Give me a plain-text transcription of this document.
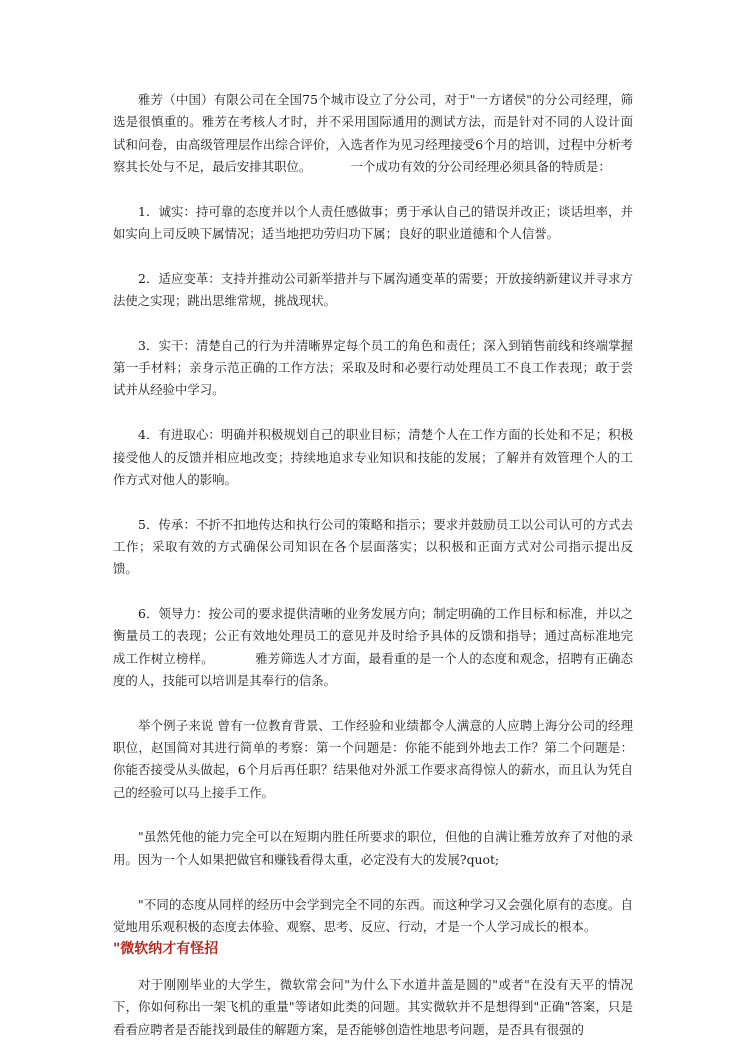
雅芳（中国）有限公司在全国75个城市设立了分公司，对于"一方诸侯"的分公司经理，筛选是很慎重的。雅芳在考核人才时，并不采用国际通用的测试方法，而是针对不同的人设计面试和问卷，由高级管理层作出综合评价，入选者作为见习经理接受6个月的培训，过程中分析考察其长处与不足，最后安排其职位。          一个成功有效的分公司经理必须具备的特质是：

1．诚实：持可靠的态度并以个人责任感做事；勇于承认自己的错误并改正；谈话坦率，并如实向上司反映下属情况；适当地把功劳归功下属；良好的职业道德和个人信誉。

2．适应变革：支持并推动公司新举措并与下属沟通变革的需要；开放接纳新建议并寻求方法使之实现；跳出思维常规，挑战现状。

3．实干：清楚自己的行为并清晰界定每个员工的角色和责任；深入到销售前线和终端掌握第一手材料；亲身示范正确的工作方法；采取及时和必要行动处理员工不良工作表现；敢于尝试并从经验中学习。

4．有进取心：明确并积极规划自己的职业目标；清楚个人在工作方面的长处和不足；积极接受他人的反馈并相应地改变；持续地追求专业知识和技能的发展；了解并有效管理个人的工作方式对他人的影响。

5．传承：不折不扣地传达和执行公司的策略和指示；要求并鼓励员工以公司认可的方式去工作；采取有效的方式确保公司知识在各个层面落实；以积极和正面方式对公司指示提出反馈。

6．领导力：按公司的要求提供清晰的业务发展方向；制定明确的工作目标和标准，并以之衡量员工的表现；公正有效地处理员工的意见并及时给予具体的反馈和指导；通过高标准地完成工作树立榜样。          雅芳筛选人才方面，最看重的是一个人的态度和观念，招聘有正确态度的人，技能可以培训是其奉行的信条。

举个例子来说 曾有一位教育背景、工作经验和业绩都令人满意的人应聘上海分公司的经理职位，赵国简对其进行简单的考察：第一个问题是：你能不能到外地去工作？第二个问题是：你能否接受从头做起，6个月后再任职？结果他对外派工作要求高得惊人的薪水，而且认为凭自己的经验可以马上接手工作。

"虽然凭他的能力完全可以在短期内胜任所要求的职位，但他的自满让雅芳放弃了对他的录用。因为一个人如果把做官和赚钱看得太重，必定没有大的发展?quot;

"不同的态度从同样的经历中会学到完全不同的东西。而这种学习又会强化原有的态度。自觉地用乐观积极的态度去体验、观察、思考、反应、行动，才是一个人学习成长的根本。

"微软纳才有怪招

对于刚刚毕业的大学生，微软常会问"为什么下水道井盖是圆的"或者"在没有天平的情况下，你如何称出一架飞机的重量"等诸如此类的问题。其实微软并不是想得到"正确"答案，只是看看应聘者是否能找到最佳的解题方案，是否能够创造性地思考问题，是否具有很强的
